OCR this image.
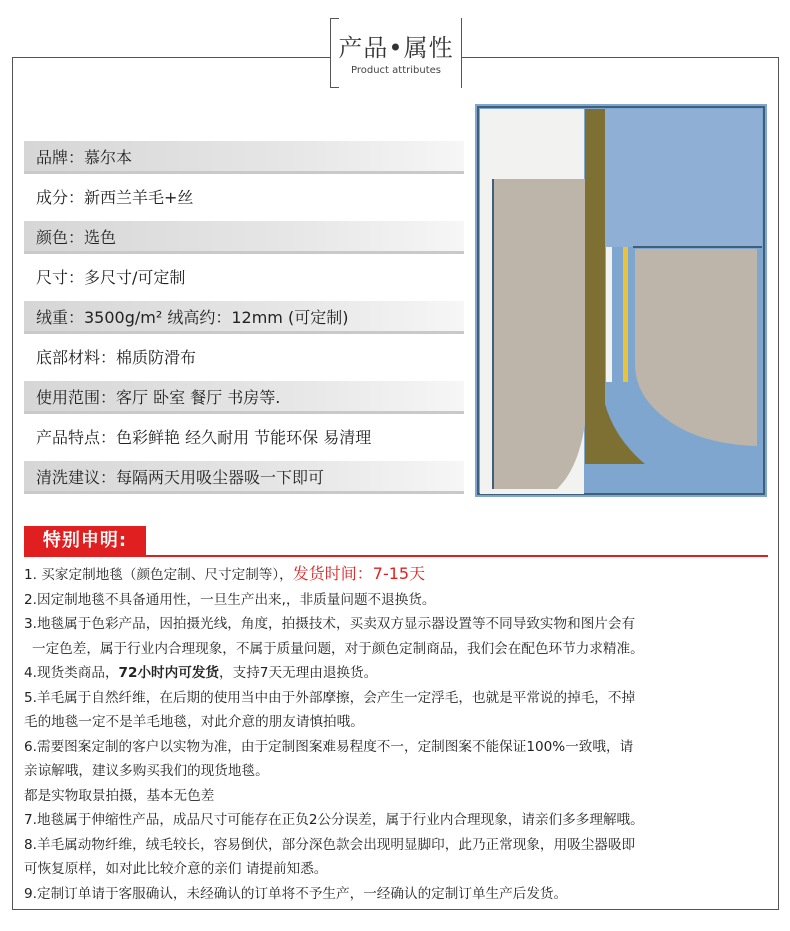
产品•属性
Product attributes
品牌：慕尔本
成分：新西兰羊毛+丝
颜色：选色
尺寸：多尺寸/可定制
绒重：3500g/m² 绒高约：12mm (可定制)
底部材料：棉质防滑布
使用范围：客厅 卧室 餐厅 书房等.
产品特点：色彩鲜艳 经久耐用 节能环保 易清理
清洗建议：每隔两天用吸尘器吸一下即可
特别申明:
1. 买家定制地毯（颜色定制、尺寸定制等），发货时间：7-15天
2.因定制地毯不具备通用性，一旦生产出来,，非质量问题不退换货。
3.地毯属于色彩产品，因拍摄光线，角度，拍摄技术，买卖双方显示器设置等不同导致实物和图片会有
一定色差，属于行业内合理现象，不属于质量问题，对于颜色定制商品，我们会在配色环节力求精准。
4.现货类商品，72小时内可发货，支持7天无理由退换货。
5.羊毛属于自然纤维，在后期的使用当中由于外部摩擦，会产生一定浮毛，也就是平常说的掉毛，不掉
毛的地毯一定不是羊毛地毯，对此介意的朋友请慎拍哦。
6.需要图案定制的客户以实物为准，由于定制图案难易程度不一，定制图案不能保证100%一致哦，请
亲谅解哦，建议多购买我们的现货地毯。
都是实物取景拍摄，基本无色差
7.地毯属于伸缩性产品，成品尺寸可能存在正负2公分误差，属于行业内合理现象，请亲们多多理解哦。
8.羊毛属动物纤维，绒毛较长，容易倒伏，部分深色款会出现明显脚印，此乃正常现象，用吸尘器吸即
可恢复原样，如对此比较介意的亲们 请提前知悉。
9.定制订单请于客服确认，未经确认的订单将不予生产，一经确认的定制订单生产后发货。
